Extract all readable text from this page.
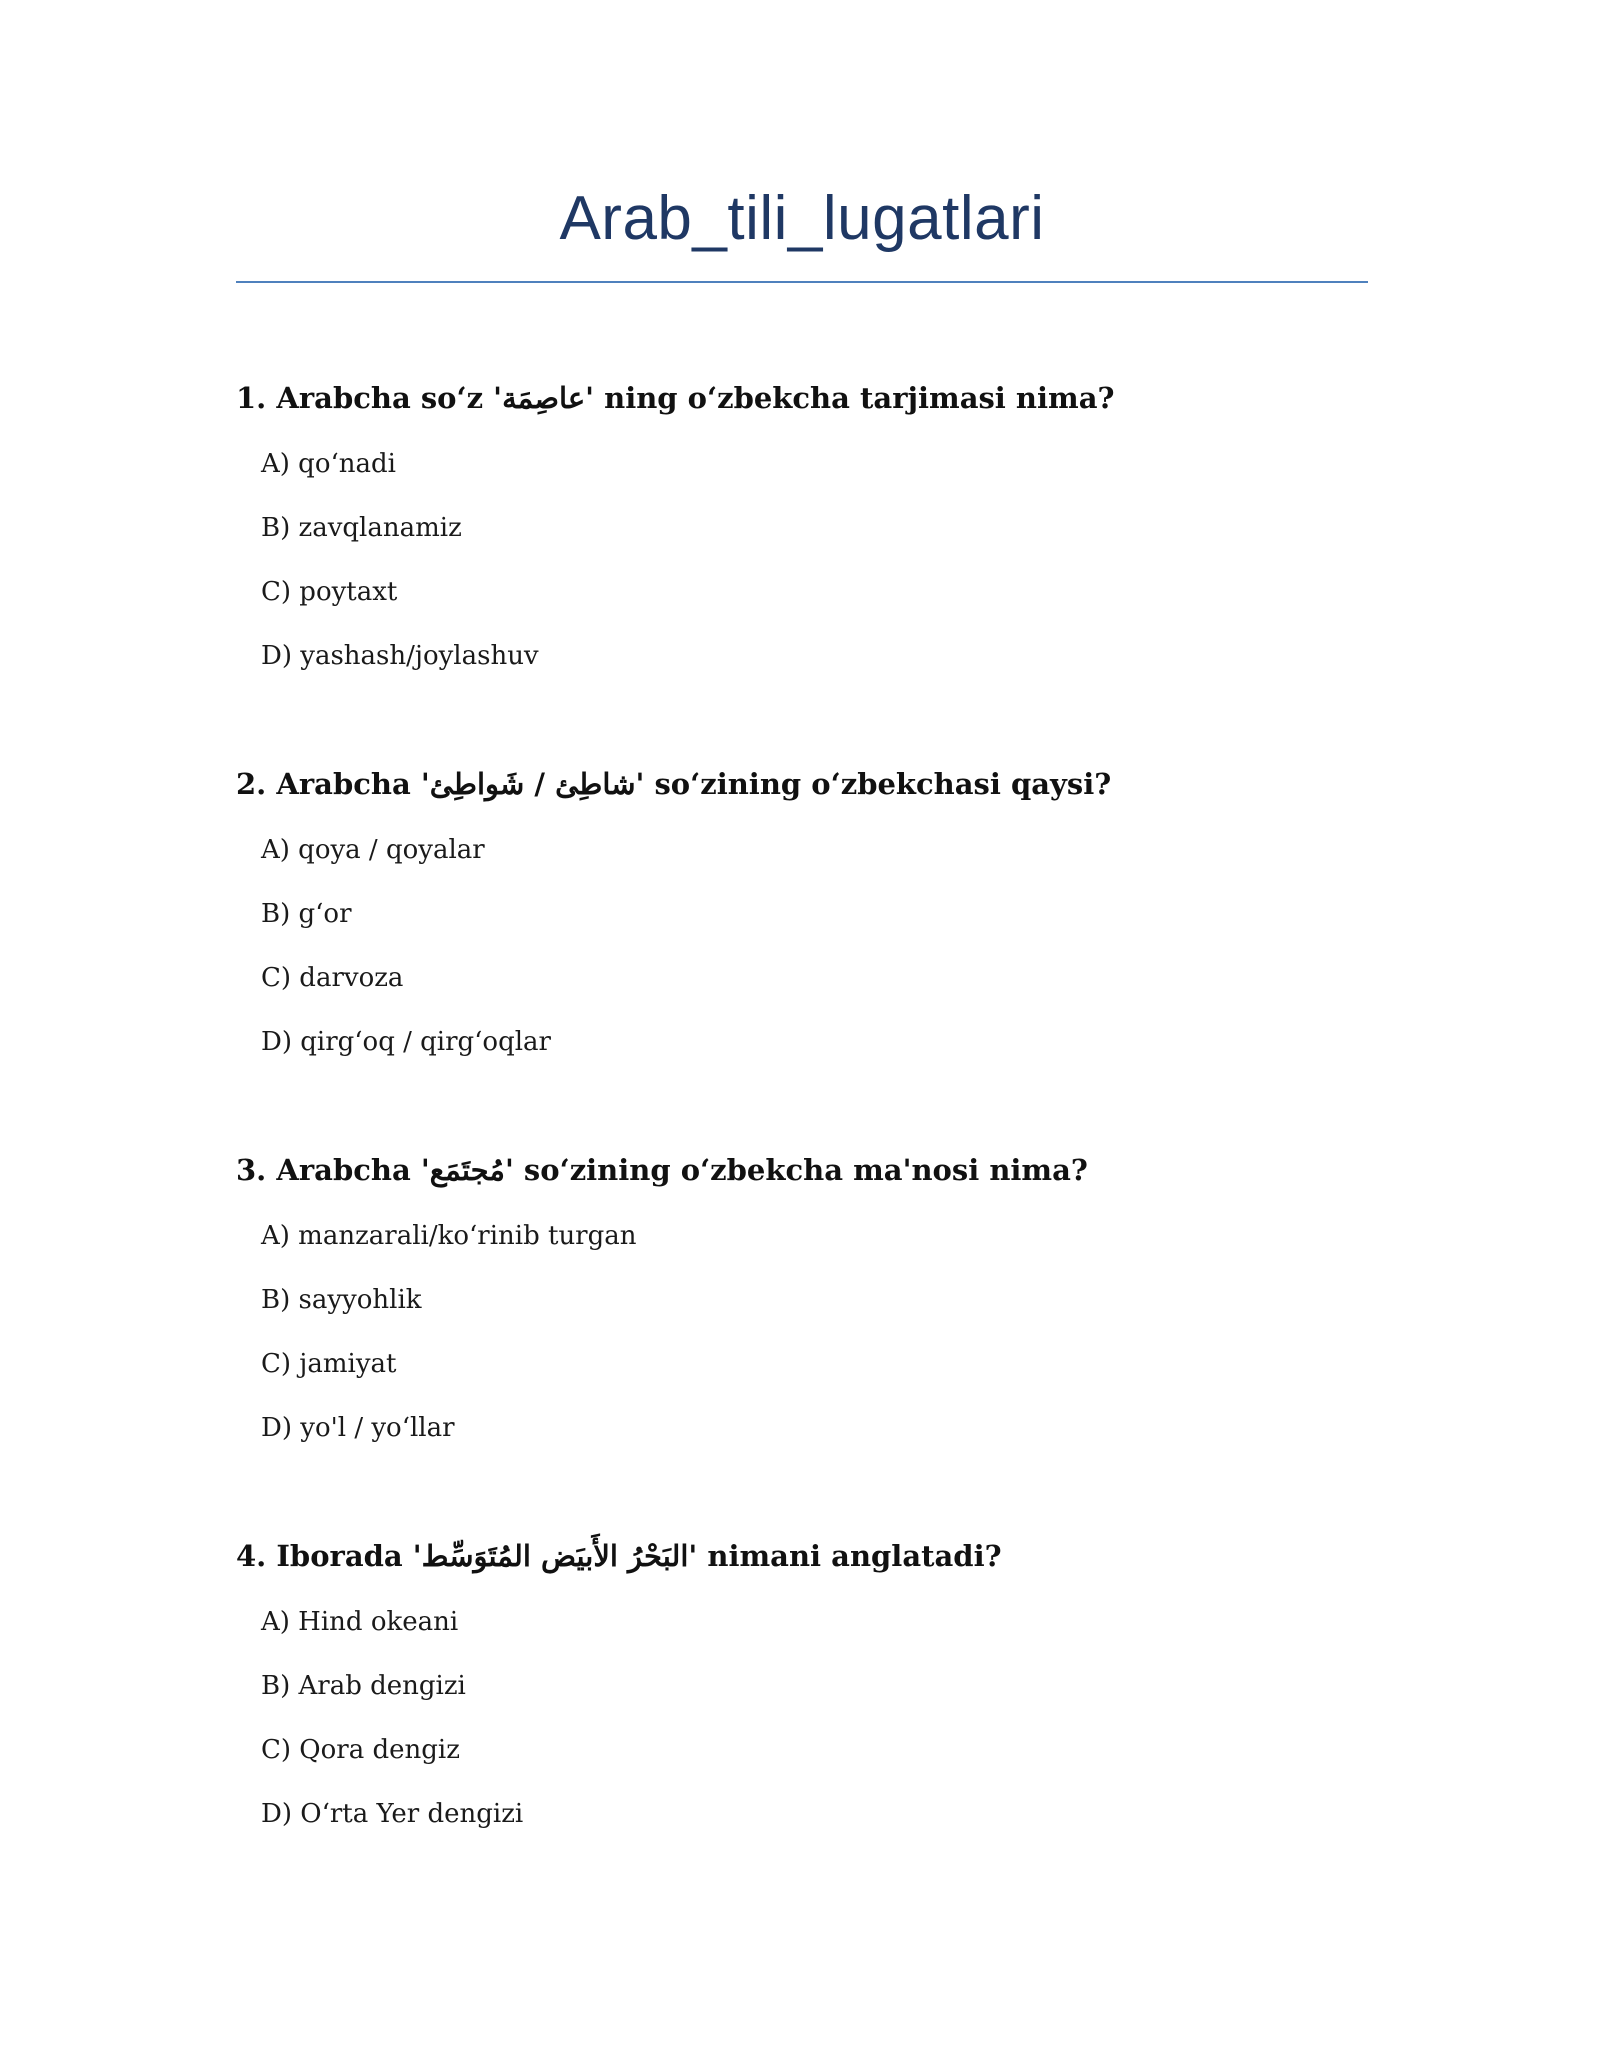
Arab_tili_lugatlari

1. Arabcha so‘z 'عاصِمَة' ning o‘zbekcha tarjimasi nima?

A) qo‘nadi
B) zavqlanamiz
C) poytaxt
D) yashash/joylashuv

2. Arabcha 'شاطِئ / شَواطِئ' so‘zining o‘zbekchasi qaysi?

A) qoya / qoyalar
B) g‘or
C) darvoza
D) qirg‘oq / qirg‘oqlar

3. Arabcha 'مُجتَمَع' so‘zining o‘zbekcha ma'nosi nima?

A) manzarali/ko‘rinib turgan
B) sayyohlik
C) jamiyat
D) yo'l / yo‘llar

4. Iborada 'البَحْرُ الأَبيَض المُتَوَسِّط' nimani anglatadi?

A) Hind okeani
B) Arab dengizi
C) Qora dengiz
D) O‘rta Yer dengizi
